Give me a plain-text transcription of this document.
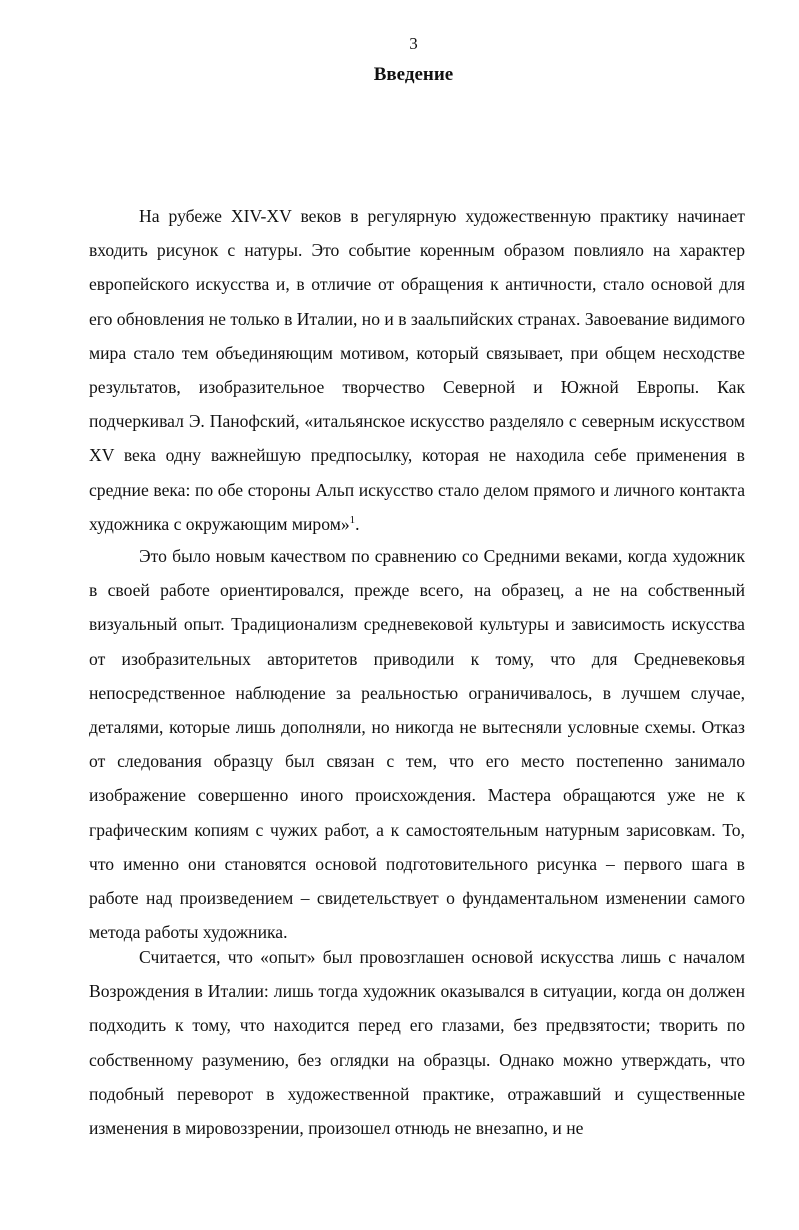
3
Введение

На рубеже XIV-XV веков в регулярную художественную практику начинает входить рисунок с натуры. Это событие коренным образом повлияло на характер европейского искусства и, в отличие от обращения к античности, стало основой для его обновления не только в Италии, но и в заальпийских странах. Завоевание видимого мира стало тем объединяющим мотивом, который связывает, при общем несходстве результатов, изобразительное творчество Северной и Южной Европы. Как подчеркивал Э. Панофский, «итальянское искусство разделяло с северным искусством XV века одну важнейшую предпосылку, которая не находила себе применения в средние века: по обе стороны Альп искусство стало делом прямого и личного контакта художника с окружающим миром»$^1$.

Это было новым качеством по сравнению со Средними веками, когда художник в своей работе ориентировался, прежде всего, на образец, а не на собственный визуальный опыт. Традиционализм средневековой культуры и зависимость искусства от изобразительных авторитетов приводили к тому, что для Средневековья непосредственное наблюдение за реальностью ограничивалось, в лучшем случае, деталями, которые лишь дополняли, но никогда не вытесняли условные схемы. Отказ от следования образцу был связан с тем, что его место постепенно занимало изображение совершенно иного происхождения. Мастера обращаются уже не к графическим копиям с чужих работ, а к самостоятельным натурным зарисовкам. То, что именно они становятся основой подготовительного рисунка – первого шага в работе над произведением – свидетельствует о фундаментальном изменении самого метода работы художника.

Считается, что «опыт» был провозглашен основой искусства лишь с началом Возрождения в Италии: лишь тогда художник оказывался в ситуации, когда он должен подходить к тому, что находится перед его глазами, без предвзятости; творить по собственному разумению, без оглядки на образцы. Однако можно утверждать, что подобный переворот в художественной практике, отражавший и существенные изменения в мировоззрении, произошел отнюдь не внезапно, и не
